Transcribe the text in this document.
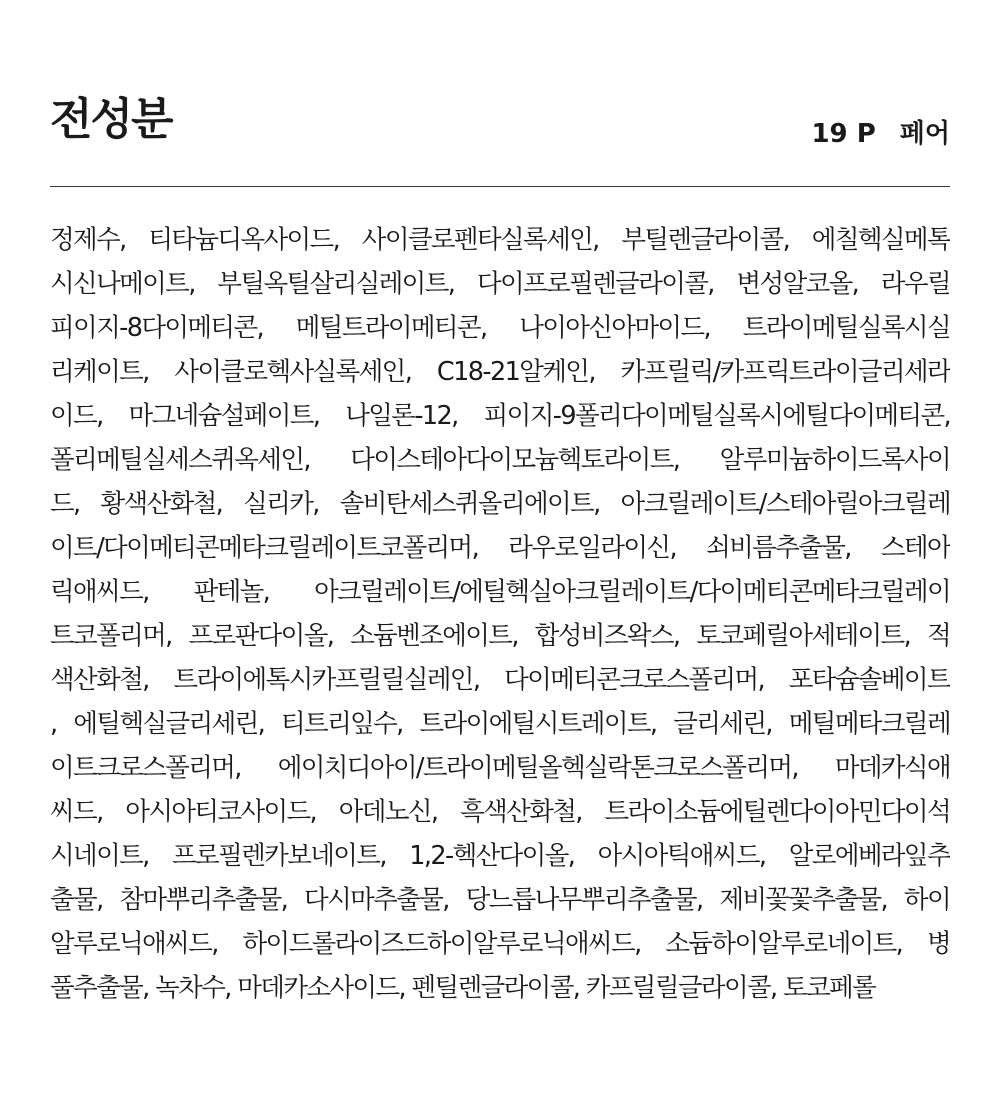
전성분	19 P 페어
정제수, 티타늄디옥사이드, 사이클로펜타실록세인, 부틸렌글라이콜, 에칠헥실메톡
시신나메이트, 부틸옥틸살리실레이트, 다이프로필렌글라이콜, 변성알코올, 라우릴
피이지-8다이메티콘, 메틸트라이메티콘, 나이아신아마이드, 트라이메틸실록시실
리케이트, 사이클로헥사실록세인, C18-21알케인, 카프릴릭/카프릭트라이글리세라
이드, 마그네슘설페이트, 나일론-12, 피이지-9폴리다이메틸실록시에틸다이메티콘,
폴리메틸실세스퀴옥세인, 다이스테아다이모늄헥토라이트, 알루미늄하이드록사이
드, 황색산화철, 실리카, 솔비탄세스퀴올리에이트, 아크릴레이트/스테아릴아크릴레
이트/다이메티콘메타크릴레이트코폴리머, 라우로일라이신, 쇠비름추출물, 스테아
릭애씨드, 판테놀, 아크릴레이트/에틸헥실아크릴레이트/다이메티콘메타크릴레이
트코폴리머, 프로판다이올, 소듐벤조에이트, 합성비즈왁스, 토코페릴아세테이트, 적
색산화철, 트라이에톡시카프릴릴실레인, 다이메티콘크로스폴리머, 포타슘솔베이트
, 에틸헥실글리세린, 티트리잎수, 트라이에틸시트레이트, 글리세린, 메틸메타크릴레
이트크로스폴리머, 에이치디아이/트라이메틸올헥실락톤크로스폴리머, 마데카식애
씨드, 아시아티코사이드, 아데노신, 흑색산화철, 트라이소듐에틸렌다이아민다이석
시네이트, 프로필렌카보네이트, 1,2-헥산다이올, 아시아틱애씨드, 알로에베라잎추
출물, 참마뿌리추출물, 다시마추출물, 당느릅나무뿌리추출물, 제비꽃꽃추출물, 하이
알루로닉애씨드, 하이드롤라이즈드하이알루로닉애씨드, 소듐하이알루로네이트, 병
풀추출물, 녹차수, 마데카소사이드, 펜틸렌글라이콜, 카프릴릴글라이콜, 토코페롤
